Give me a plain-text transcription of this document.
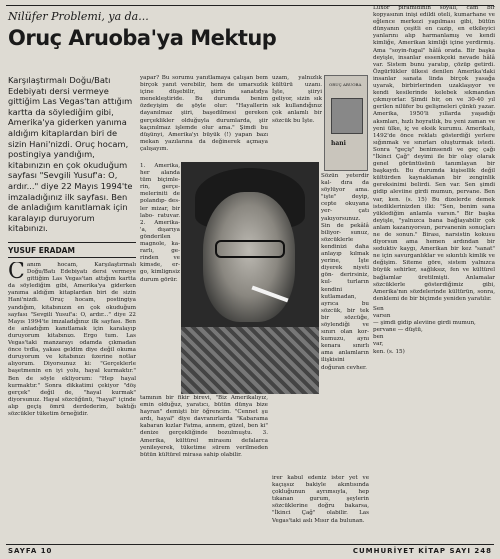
Nilüfer Problemi, ya da...
Oruç Aruoba'ya Mektup
Karşılaştırmalı Doğu/Batı Edebiyatı dersi vermeye gittiğim Las Vegas'tan attığım kartta da söylediğim gibi, Amerika'ya giderken yanıma aldığım kitaplardan biri de sizin Hani'nizdi. Oruç hocam, postingiya yandığım, kitabınızın en çok okuduğum sayfası "Sevgili Yusuf'a: O, ardır..." diye 22 Mayıs 1994'te imzaladığınız ilk sayfası. Ben de anladığım kanıtlamak için karalayıp duruyorum kitabınızı.
YUSUF ERADAM
Canım hocam, Karşılaştırmalı Doğu/Batı Edebiyatı dersi vermeye gittiğim Las Vegas'tan attığım kartta da söylediğim gibi, Amerika'ya giderken yanıma aldığım kitaplardan biri de sizin Hani'nizdi. Oruç hocam, postingiya yandığım, kitabınızın en çok okuduğum sayfası "Sevgili Yusuf'a: O, ardır..." diye 22 Mayıs 1994'te imzaladığınız ilk sayfası. Ben de anladığım kanıtlamak için karalayıp duruyorum kitabınızı. Ergo tum. Las Vegas'taki manzarayı odamda çıkmadan önce tvdla, yakası geldim diye değil okuma duruyorum ve kitabınızı üzerine notlar alıyorum. Diyorsunuz ki: "Gerçeklerle başetmenin en iyi yolu, hayal kurmaktır." Ben de söyle ekliyorum: "Hep hayal kurmaktır." Sonra dikkatimi çekiyor "döş gerçek" değil de, "hayal kurmak" diyorsunuz. Hayal sözcüğünü, "hayal" içinde alıp geçiş ömrü derdederim, baktığı sözcükler tüketim örneğidir.
yapar? Bu sorumu yanıtlamaya çalışan bem birçok yanıt verebilir, hem de umarsızlık içine düşebilir, şiirin sanatıdya menekleştiride. Bu durumda benim özdeyişim de şöyle olur: "Hayallerin dayanılmaz şiiri, başedilmesi gereken gerçeklikler olduğuyla durumlarda, şiir kaçınılmaz işlemde olur ama." Şimdi bu düşünyi, Amerika'yı büyük (!) yapan bazı mekan yazılarına da değinerek açmaya çalışayım.
1. Amerika, her alanda tüm biçimle- rin, gerçe- meleriniti de polandıp- des- ler mizar, bir labo- ratuvar. 2. Amerika- 'a, dışarıya gönderilen magnole, ka- rarlı, ge- rinden ve kimsde, er- go, kimlignsiz durum görür.
tamının bir fikir birevi, "Biz Amerikalıyız, emin olduğuz, yaratıcı, bütün dünya bize hayran" demişti bir öğrencim. "Cennet şu ardı, hayal" diye davranırlarda "Kabarama kabaran kızlar Fatma, annem, güzel, ben ki" denize gerçekliğinde bozulmuştu. 3. Amerika, kültürel mirasını defalarca yenileyerek, tüketime sürem verilmeden bütün kültürel mirasa sahip olabilir.
uzam, yalnızlık kültürü uzanı. İşte, şiiryi geliyor, sizin sık sık kullandığınız çok anlamlı bir sözcük bu İşte.
ORUÇ ARUOBA
hani
Sözün yeterdir kal- dıra da söylüyor ama. "işte" deyip, cepte okuyana yer- çatı yakıyorsunuz. Sin de pekâlâ biliyor- sunuz, sözcüklerle kendinizi daha anlayıp kılmak yerine, İşte diyerek niyeti gön- derirsiniz, kul- turların kendini kutlamadan, ayrıca bu sözcük, bir tek bir sözcüğe, söylendiği ve sınırı olan kor- kumuzu, aynı kenara sınırlı ama anlamların ilişkisini doğuran cevher.
irer kabul edeniz ister yet ve kaçışsız bakiyle akıntısında çokluğunun ayrımsıyla, hep tıkanan gurum, şeylerin sözcüklerine doğru bakarsa, "İkinci Çağ" olabilir. Las Vegas'taki aslı Mısır da bulunan.
Luxor piramidinin soyalı, cam bir kopyasının inişi edildi oteli, kumarhane ve eğlence merkezi yapılması gibi, bütün dünyanın çeşitli en cazip, en etkileyici yanlarını alıp harmanlamış ve kendi kimliğe, Amerikan kimliği içine yerdirmiş. Ama "soyin-fugal" hâlâ orada. Bir başka deyişle, insanlar essenkçeki nevade hâlâ var. Sistem bunu yaratıp, çözüp getirdi. Özgürlükler ülkesi denilen Amerika'daki insanlar sanata linda birçok yasağa uyarak, birbirlerinden uzaklaşıyor ve kendi kesilerinde kelebek sıkmandan çıkmıyorlar. Şimdi bir, on ve 30-40 yıl gerilen nilüfer bu gelişmeleri çünkü yazar. Amerika, 1950'li yıllarda yaşadığı aksmları, hızlı hoyratlık, bu yeni zaman ve yeni ülke, iç ve eksik kurumu. Amerikalı, 1492'de önce reklatı gösterdiği yerlere sığınmak ve sınırları oluşturmak istedi. Sonra "geçiş" benimsendi ve geç çağı "İkinci Çağ" deyimi ile bir olay olarak genel görüntüsünü tanımlayan bir başkaydı. Bu durumda kişisellik değil kültürden kaynaklanan bir zenginlik gereksinimi belirdi. Sen var. Sen şimdi gidip aleviine girdi mumun, pervane. Ben var, ken. (s. 15) Bu dizelerde demek istediklerinizden ilki: "Sen, benim sana yüklediğim anlamla varsın." Bir başka deyişle, "yalnızca bana bağlayabilir çok anlam kazanıyorsun, pervanenin sonuçları ne de sonun." Birası, narsistin kokusu diyorsun ama hemen ardından bir seduktiv kaygı, Amerikan bir kez "sanat" ne için savurganlıklar ve sıkıntılı kimlik ve değişim. Siteme göre, sistem yalnızca büyük sehirler, sağlıksız, fen ve kültürel bağlamlar üretilmişti. Anlamalar sözcüklerle gösterdiğimiz gibi, Amerika'nın sözdelerinde kültürün, sonra, denklemi de bir biçimde yeniden yaratılır.
Sen
varsın
— şimdi gidip aleviine girdi mumun,
pervane — düştü,
ben
var,
ken. (s. 15)
SAYFA 10	CUMHURİYET KİTAP SAYI 248
